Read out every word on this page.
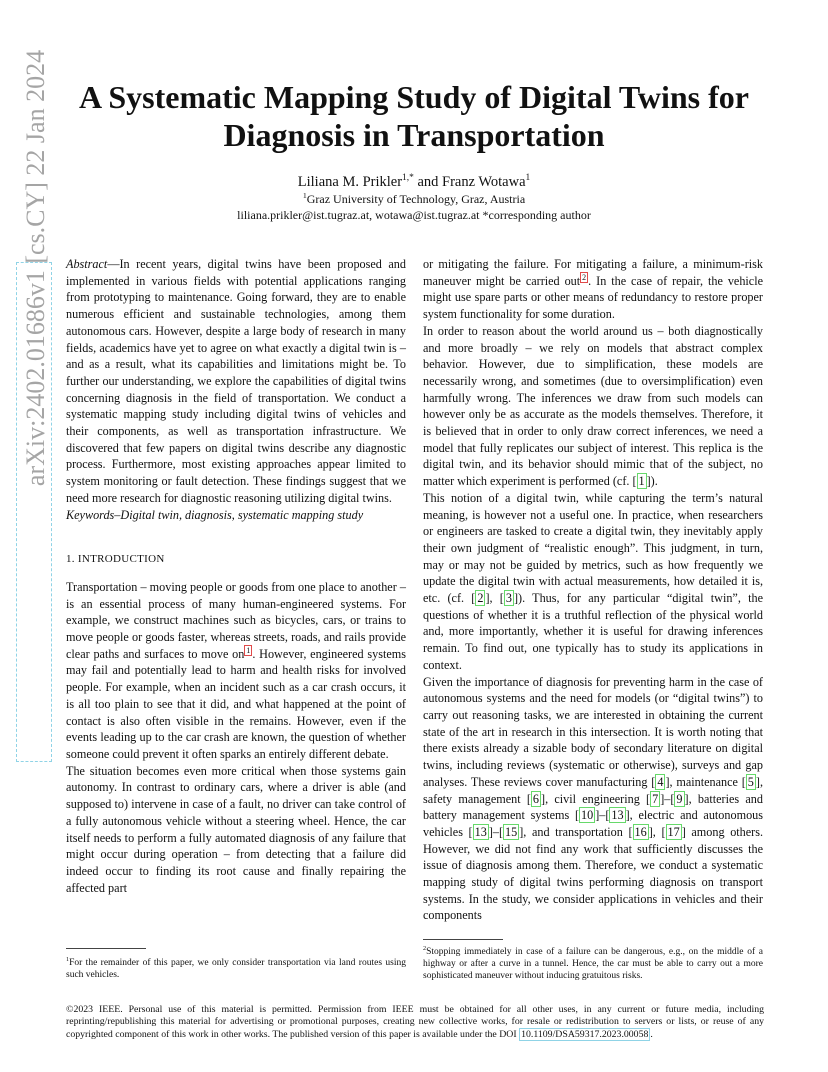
A Systematic Mapping Study of Digital Twins for Diagnosis in Transportation
Liliana M. Prikler$^{1,*}$ and Franz Wotawa$^1$
$^1$Graz University of Technology, Graz, Austria
liliana.prikler@ist.tugraz.at, wotawa@ist.tugraz.at *corresponding author
arXiv:2402.01686v1 [cs.CY] 22 Jan 2024	Abstract—In recent years, digital twins have been proposed and implemented in various fields with potential applications ranging from prototyping to maintenance. Going forward, they are to enable numerous efficient and sustainable technologies, among them autonomous cars. However, despite a large body of research in many fields, academics have yet to agree on what exactly a digital twin is – and as a result, what its capabilities and limitations might be. To further our understanding, we explore the capabilities of digital twins concerning diagnosis in the field of transportation. We conduct a systematic mapping study including digital twins of vehicles and their components, as well as transportation infrastructure. We discovered that few papers on digital twins describe any diagnostic process. Furthermore, most existing approaches appear limited to system monitoring or fault detection. These findings suggest that we need more research for diagnostic reasoning utilizing digital twins.

Keywords–Digital twin, diagnosis, systematic mapping study

1. INTRODUCTION

Transportation – moving people or goods from one place to another – is an essential process of many human-engineered systems. For example, we construct machines such as bicycles, cars, or trains to move people or goods faster, whereas streets, roads, and rails provide clear paths and surfaces to move on $^1$ . However, engineered systems may fail and potentially lead to harm and health risks for involved people. For example, when an incident such as a car crash occurs, it is all too plain to see that it did, and what happened at the point of contact is also often visible in the remains. However, even if the events leading up to the car crash are known, the question of whether someone could prevent it often sparks an entirely different debate.

The situation becomes even more critical when those systems gain autonomy. In contrast to ordinary cars, where a driver is able (and supposed to) intervene in case of a fault, no driver can take control of a fully autonomous vehicle without a steering wheel. Hence, the car itself needs to perform a fully automated diagnosis of any failure that might occur during operation – from detecting that a failure did indeed occur to finding its root cause and finally repairing the affected part

or mitigating the failure. For mitigating a failure, a minimum-risk maneuver might be carried out $^2$ . In the case of repair, the vehicle might use spare parts or other means of redundancy to restore proper system functionality for some duration.

In order to reason about the world around us – both diagnostically and more broadly – we rely on models that abstract complex behavior. However, due to simplification, these models are necessarily wrong, and sometimes (due to oversimplification) even harmfully wrong. The inferences we draw from such models can however only be as accurate as the models themselves. Therefore, it is believed that in order to only draw correct inferences, we need a model that fully replicates our subject of interest. This replica is the digital twin, and its behavior should mimic that of the subject, no matter which experiment is performed (cf. [ 1 ]).

This notion of a digital twin, while capturing the term’s natural meaning, is however not a useful one. In practice, when researchers or engineers are tasked to create a digital twin, they inevitably apply their own judgment of “realistic enough”. This judgment, in turn, may or may not be guided by metrics, such as how frequently we update the digital twin with actual measurements, how detailed it is, etc. (cf. [ 2 ], [ 3 ]). Thus, for any particular “digital twin”, the questions of whether it is a truthful reflection of the physical world and, more importantly, whether it is useful for drawing inferences remain. To find out, one typically has to study its applications in context.

Given the importance of diagnosis for preventing harm in the case of autonomous systems and the need for models (or “digital twins”) to carry out reasoning tasks, we are interested in obtaining the current state of the art in research in this intersection. It is worth noting that there exists already a sizable body of secondary literature on digital twins, including reviews (systematic or otherwise), surveys and gap analyses. These reviews cover manufacturing [ 4 ], maintenance [ 5 ], safety management [ 6 ], civil engineering [ 7 ]–[ 9 ], batteries and battery management systems [ 10 ]–[ 13 ], electric and autonomous vehicles [ 13 ]–[ 15 ], and transportation [ 16 ], [ 17 ] among others. However, we did not find any work that sufficiently discusses the issue of diagnosis among them. Therefore, we conduct a systematic mapping study of digital twins performing diagnosis on transport systems. In the study, we consider applications in vehicles and their components

$^2$Stopping immediately in case of a failure can be dangerous, e.g., on the middle of a highway or after a curve in a tunnel. Hence, the car must be able to carry out a more sophisticated maneuver without inducing gratuitous risks.
$^1$For the remainder of this paper, we only consider transportation via land routes using such vehicles.
©2023 IEEE. Personal use of this material is permitted. Permission from IEEE must be obtained for all other uses, in any current or future media, including reprinting/republishing this material for advertising or promotional purposes, creating new collective works, for resale or redistribution to servers or lists, or reuse of any copyrighted component of this work in other works. The published version of this paper is available under the DOI 10.1109/DSA59317.2023.00058 .
